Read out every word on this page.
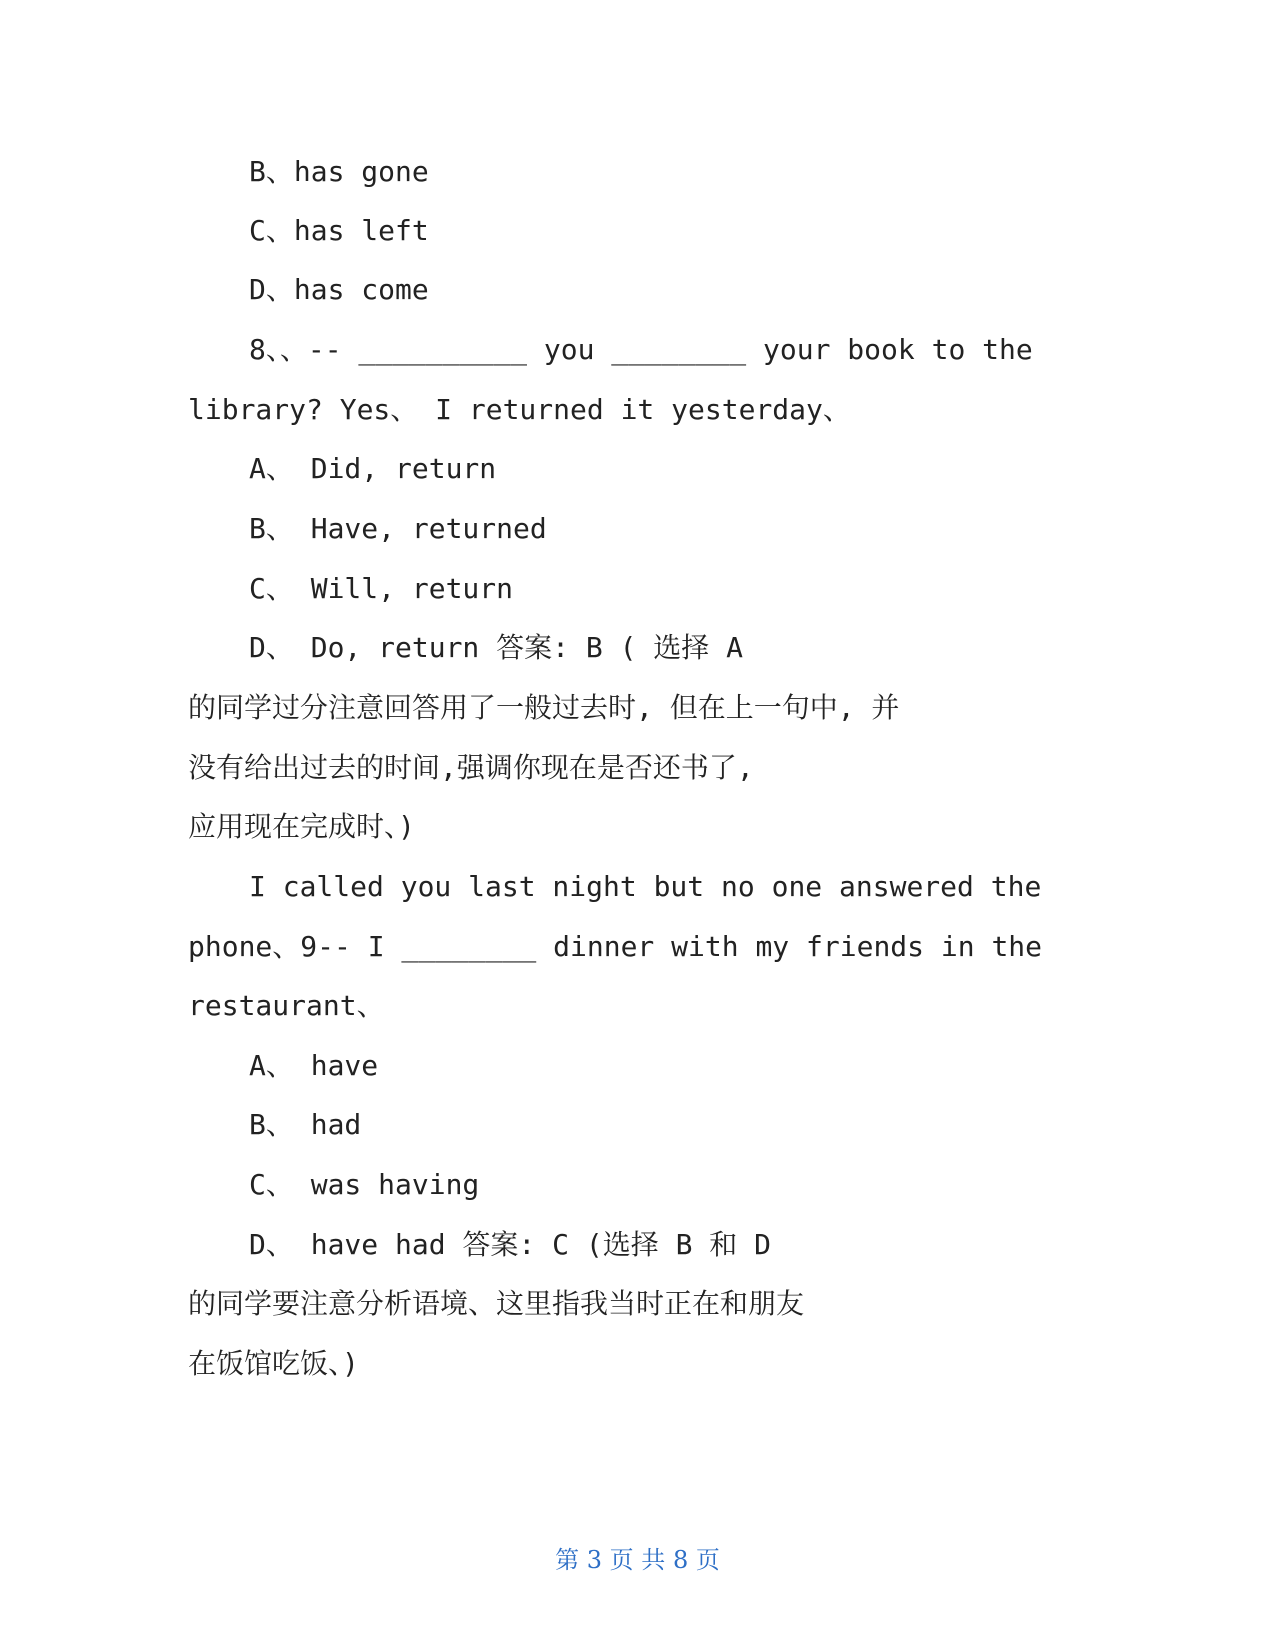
B、has gone
C、has left
D、has come
8、、-- __________ you ________ your book to the
library? Yes、 I returned it yesterday、
A、 Did, return
B、 Have, returned
C、 Will, return
D、 Do, return 答案: B ( 选择 A
的同学过分注意回答用了一般过去时, 但在上一句中, 并
没有给出过去的时间,强调你现在是否还书了,
应用现在完成时、)
I called you last night but no one answered the
phone、9-- I ________ dinner with my friends in the
restaurant、
A、 have
B、 had
C、 was having
D、 have had 答案: C (选择 B 和 D
的同学要注意分析语境、这里指我当时正在和朋友
在饭馆吃饭、)
第 3 页 共 8 页
